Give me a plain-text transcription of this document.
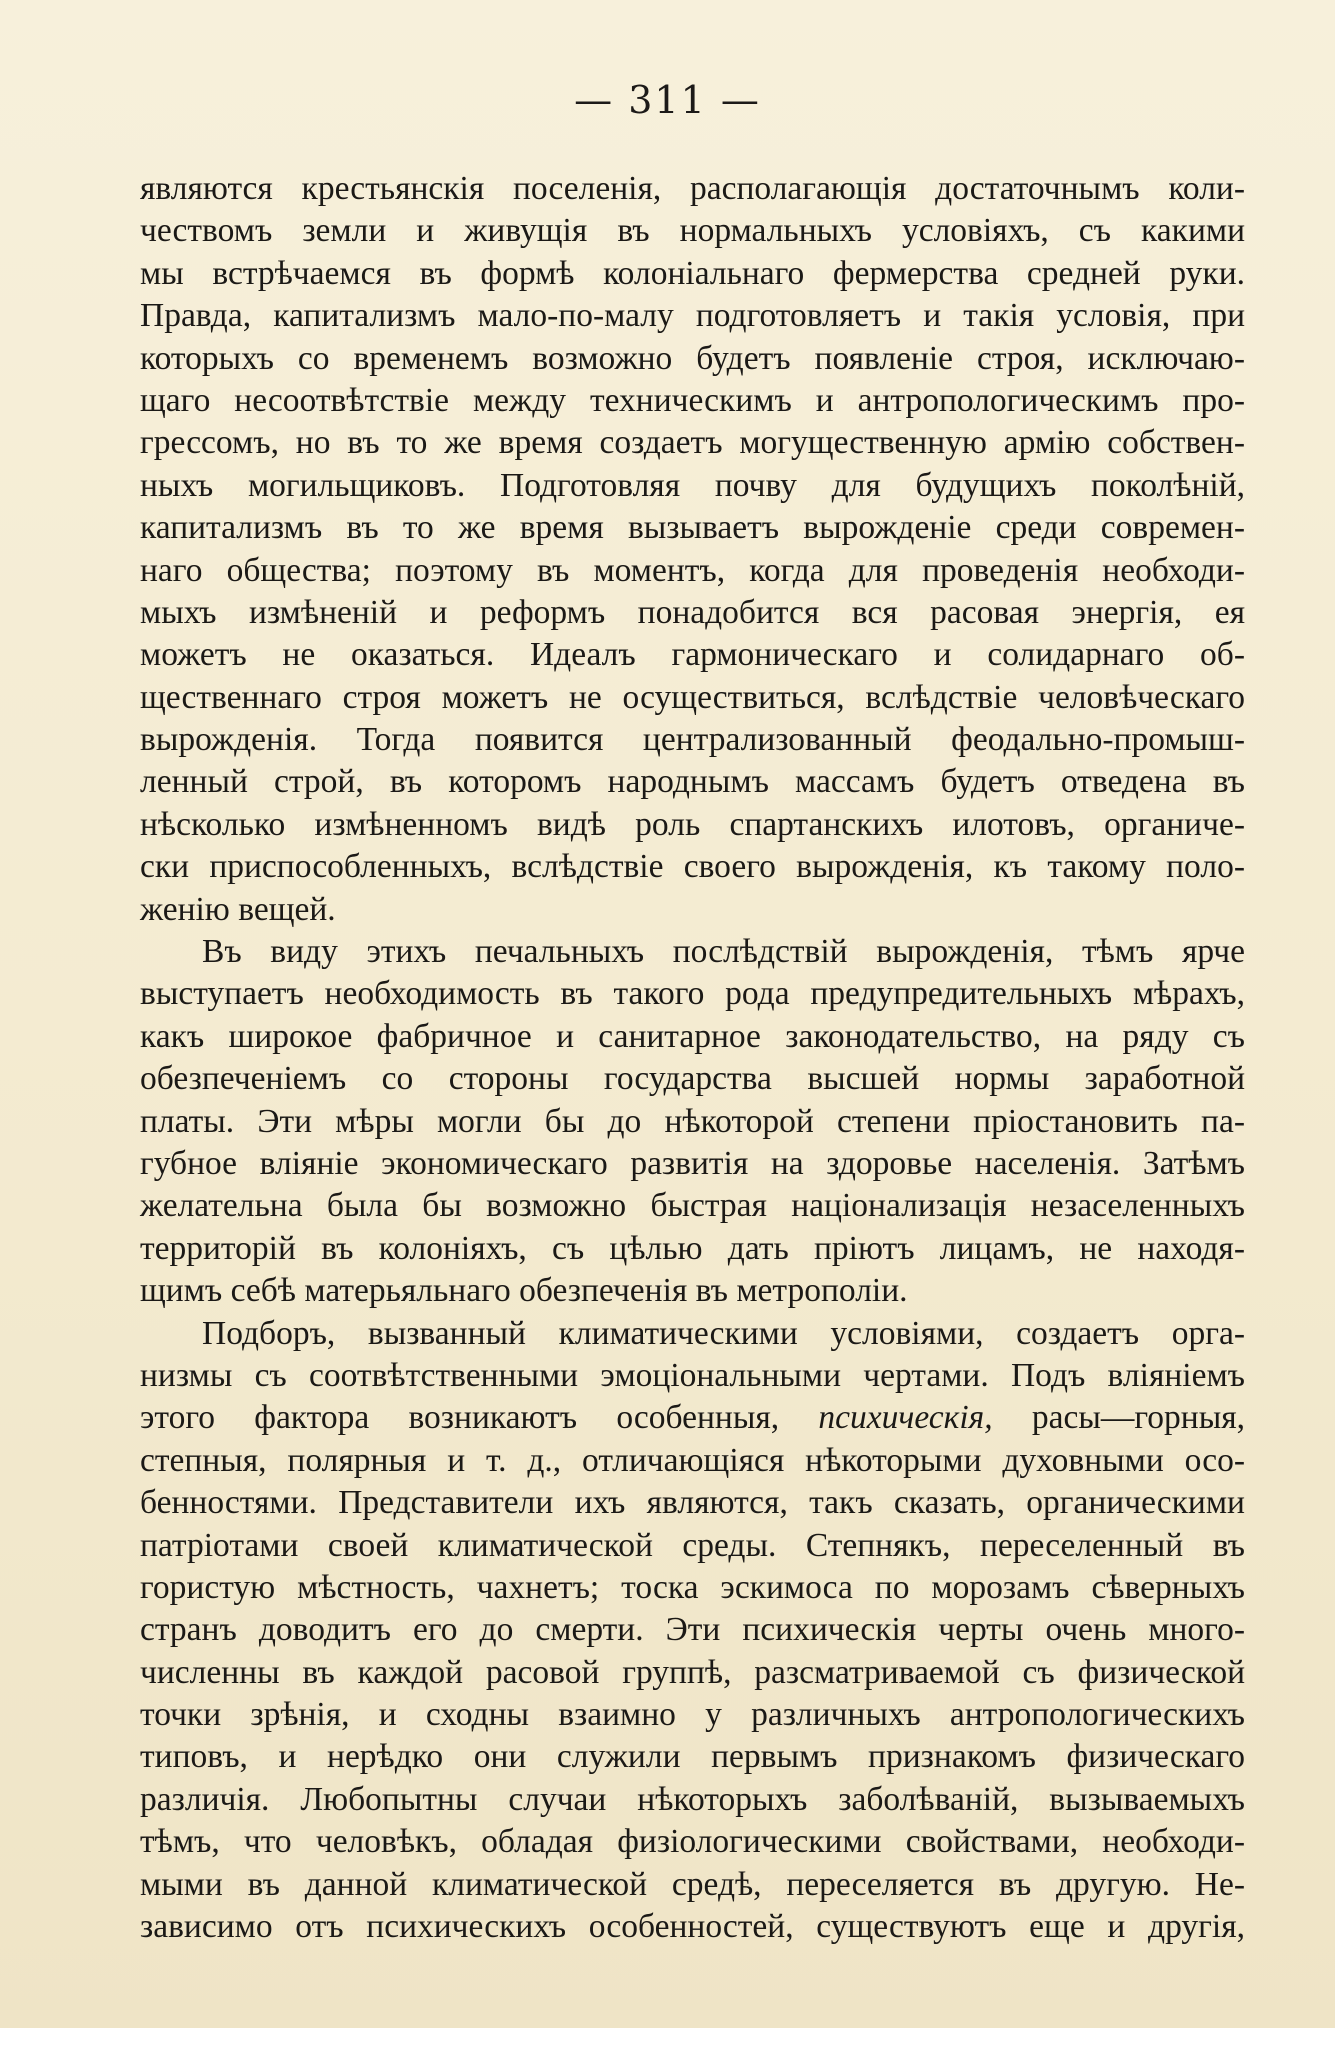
— 311 —
являются крестьянскія поселенія, располагающія достаточнымъ коли-
чествомъ земли и живущія въ нормальныхъ условіяхъ, съ какими
мы встрѣчаемся въ формѣ колоніальнаго фермерства средней руки.
Правда, капитализмъ мало-по-малу подготовляетъ и такія условія, при
которыхъ со временемъ возможно будетъ появленіе строя, исключаю-
щаго несоотвѣтствіе между техническимъ и антропологическимъ про-
грессомъ, но въ то же время создаетъ могущественную армію собствен-
ныхъ могильщиковъ. Подготовляя почву для будущихъ поколѣній,
капитализмъ въ то же время вызываетъ вырожденіе среди современ-
наго общества; поэтому въ моментъ, когда для проведенія необходи-
мыхъ измѣненій и реформъ понадобится вся расовая энергія, ея
можетъ не оказаться. Идеалъ гармоническаго и солидарнаго об-
щественнаго строя можетъ не осуществиться, вслѣдствіе человѣческаго
вырожденія. Тогда появится централизованный феодально-промыш-
ленный строй, въ которомъ народнымъ массамъ будетъ отведена въ
нѣсколько измѣненномъ видѣ роль спартанскихъ илотовъ, органиче-
ски приспособленныхъ, вслѣдствіе своего вырожденія, къ такому поло-
женію вещей.
Въ виду этихъ печальныхъ послѣдствій вырожденія, тѣмъ ярче
выступаетъ необходимость въ такого рода предупредительныхъ мѣрахъ,
какъ широкое фабричное и санитарное законодательство, на ряду съ
обезпеченіемъ со стороны государства высшей нормы заработной
платы. Эти мѣры могли бы до нѣкоторой степени пріостановить па-
губное вліяніе экономическаго развитія на здоровье населенія. Затѣмъ
желательна была бы возможно быстрая націонализація незаселенныхъ
территорій въ колоніяхъ, съ цѣлью дать пріютъ лицамъ, не находя-
щимъ себѣ матерьяльнаго обезпеченія въ метрополіи.
Подборъ, вызванный климатическими условіями, создаетъ орга-
низмы съ соотвѣтственными эмоціональными чертами. Подъ вліяніемъ
этого фактора возникаютъ особенныя, психическія, расы—горныя,
степныя, полярныя и т. д., отличающіяся нѣкоторыми духовными осо-
бенностями. Представители ихъ являются, такъ сказать, органическими
патріотами своей климатической среды. Степнякъ, переселенный въ
гористую мѣстность, чахнетъ; тоска эскимоса по морозамъ сѣверныхъ
странъ доводитъ его до смерти. Эти психическія черты очень много-
численны въ каждой расовой группѣ, разсматриваемой съ физической
точки зрѣнія, и сходны взаимно у различныхъ антропологическихъ
типовъ, и нерѣдко они служили первымъ признакомъ физическаго
различія. Любопытны случаи нѣкоторыхъ заболѣваній, вызываемыхъ
тѣмъ, что человѣкъ, обладая физіологическими свойствами, необходи-
мыми въ данной климатической средѣ, переселяется въ другую. Не-
зависимо отъ психическихъ особенностей, существуютъ еще и другія,
